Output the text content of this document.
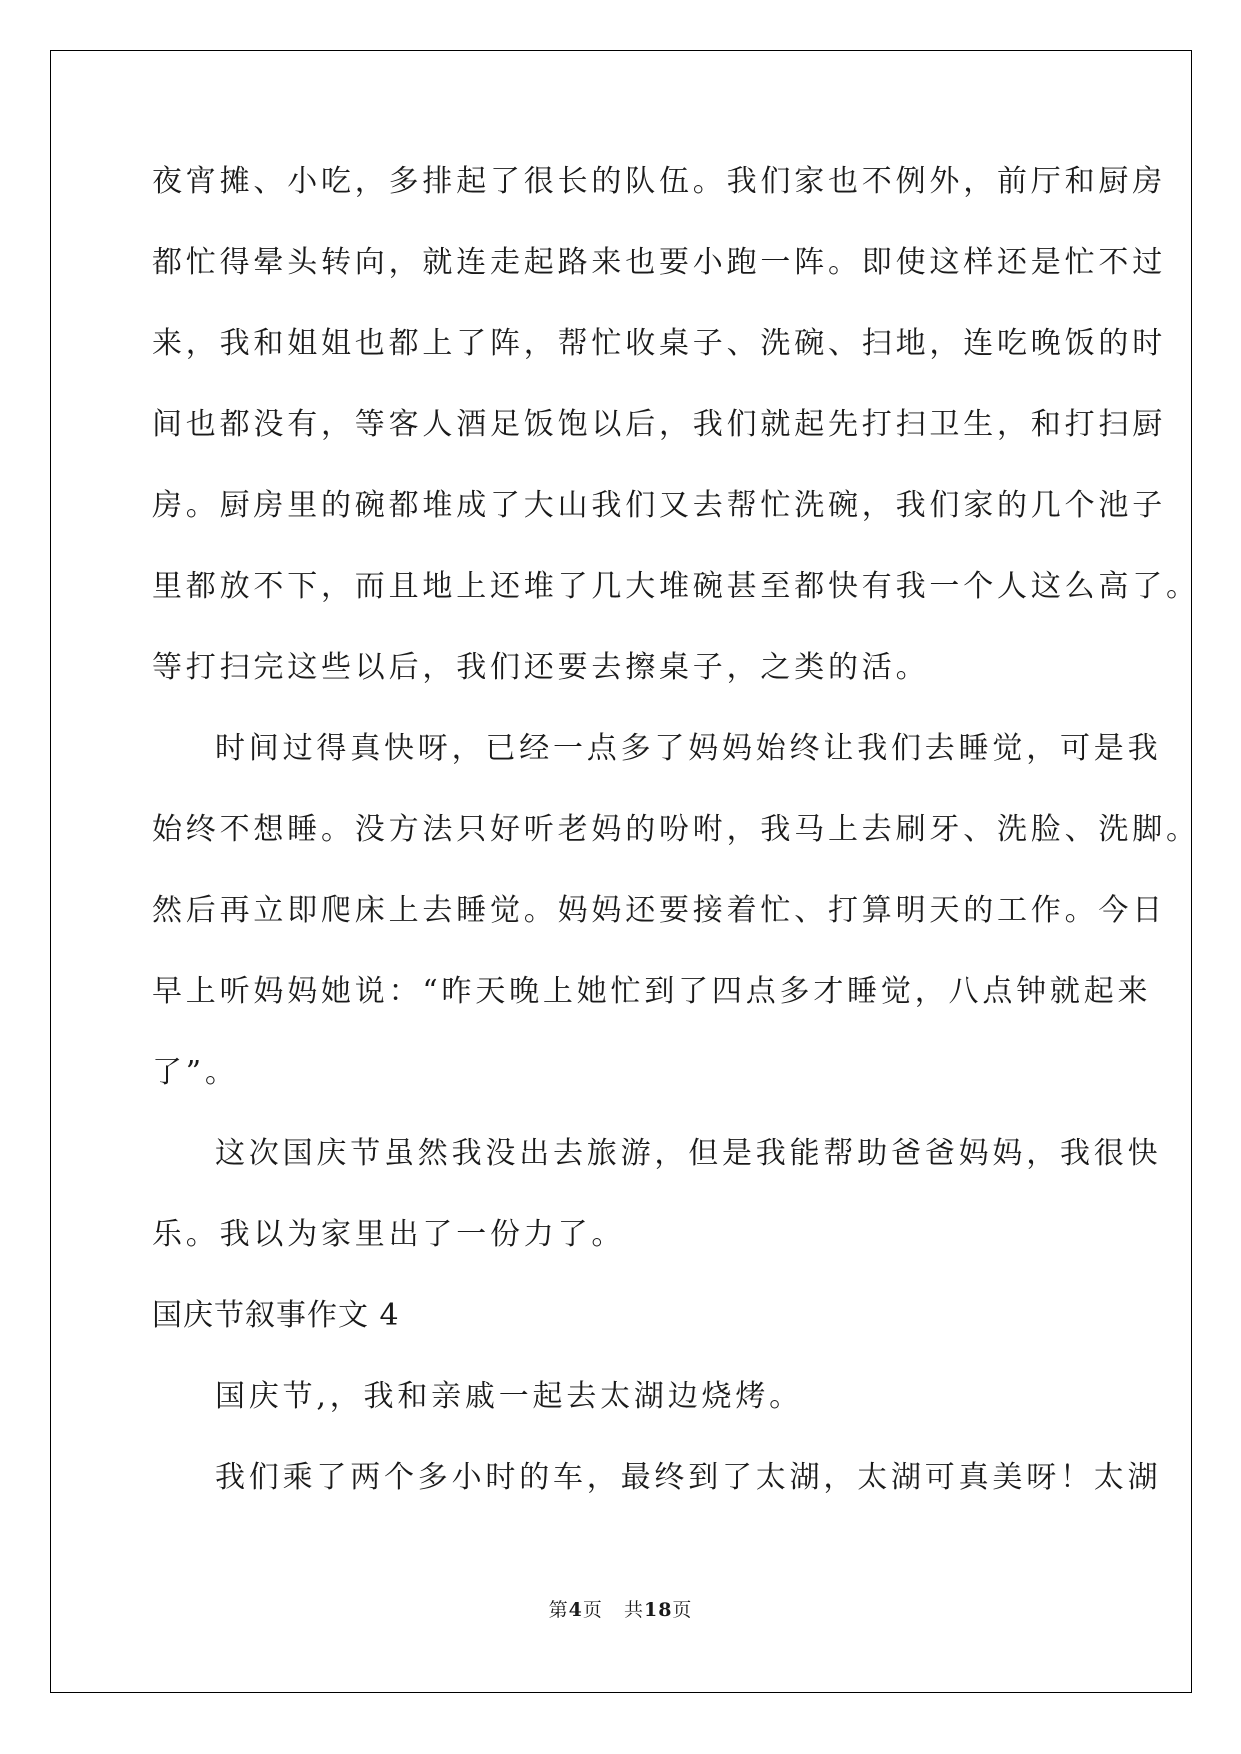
夜宵摊、小吃，多排起了很长的队伍。我们家也不例外，前厅和厨房
都忙得晕头转向，就连走起路来也要小跑一阵。即使这样还是忙不过
来，我和姐姐也都上了阵，帮忙收桌子、洗碗、扫地，连吃晚饭的时
间也都没有，等客人酒足饭饱以后，我们就起先打扫卫生，和打扫厨
房。厨房里的碗都堆成了大山我们又去帮忙洗碗，我们家的几个池子
里都放不下，而且地上还堆了几大堆碗甚至都快有我一个人这么高了。
等打扫完这些以后，我们还要去擦桌子，之类的活。
时间过得真快呀，已经一点多了妈妈始终让我们去睡觉，可是我
始终不想睡。没方法只好听老妈的吩咐，我马上去刷牙、洗脸、洗脚。
然后再立即爬床上去睡觉。妈妈还要接着忙、打算明天的工作。今日
早上听妈妈她说：“昨天晚上她忙到了四点多才睡觉，八点钟就起来
了”。
这次国庆节虽然我没出去旅游，但是我能帮助爸爸妈妈，我很快
乐。我以为家里出了一份力了。
国庆节叙事作文 4
国庆节,，我和亲戚一起去太湖边烧烤。
我们乘了两个多小时的车，最终到了太湖，太湖可真美呀！太湖
第4页 共18页
